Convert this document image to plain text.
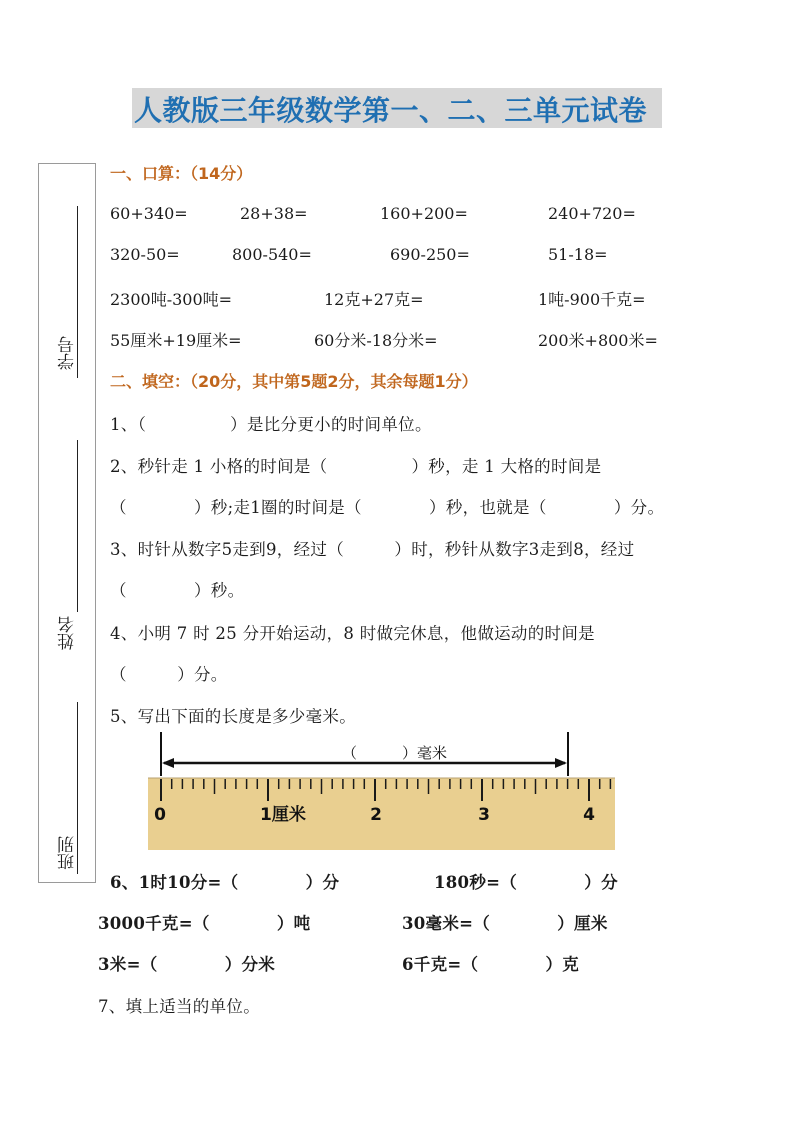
人教版三年级数学第一、二、三单元试卷
学号
姓名
班别
一、口算：（14分）
60+340=	28+38=	160+200=	240+720=
320-50=	800-540=	690-250=	51-18=
2300吨-300吨=	12克+27克=	1吨-900千克=
55厘米+19厘米=	60分米-18分米=	200米+800米=
二、填空：（20分，其中第5题2分，其余每题1分）
1、（　　　　　）是比分更小的时间单位。
2、秒针走 1 小格的时间是（　　　　　）秒，走 1 大格的时间是
（　　　　）秒;走1圈的时间是（　　　　）秒，也就是（　　　　）分。
3、时针从数字5走到9，经过（　　　）时，秒针从数字3走到8，经过
（　　　　）秒。
4、小明 7 时 25 分开始运动，8 时做完休息，他做运动的时间是
（　　　）分。
5、写出下面的长度是多少毫米。
0	1厘米	2	3	4
（　　　）毫米
6、1时10分=（　　　　）分	180秒=（　　　　）分
3000千克=（　　　　）吨	30毫米=（　　　　）厘米
3米=（　　　　）分米	6千克=（　　　　）克
7、填上适当的单位。
